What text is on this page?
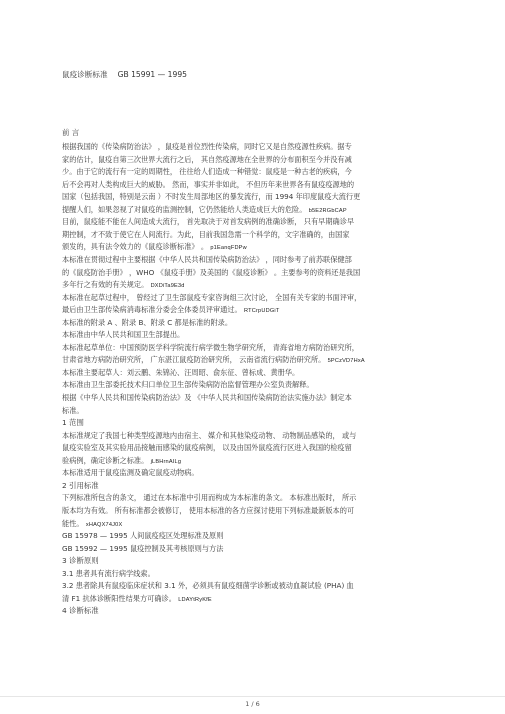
鼠疫诊断标准　 GB 15991 — 1995
前 言
根据我国的《传染病防治法》 ，鼠疫是首位烈性传染病，同时它又是自然疫源性疾病。据专
家的估计，鼠疫自第三次世界大流行之后， 其自然疫源地在全世界的分布面积至今并没有减
少。由于它的流行有一定的周期性， 往往给人们造成一种错觉：鼠疫是一种古老的疾病，今
后不会再对人类构成巨大的威胁。 然而，事实并非如此， 不但历年来世界各有鼠疫疫源地的
国家（包括我国，特别是云南 ）不时发生局部地区的暴发流行，而 1994 年印度鼠疫大流行更
提醒人们，如果忽视了对鼠疫的监测控制，它仍然能给人类造成巨大的危险。 b5E2RGbCAP
目前，鼠疫能不能在人间造成大流行， 首先取决于对首发病例的准确诊断， 只有早期确诊早
期控制，才不致于使它在人间流行。为此，目前我国急需一个科学的，文字准确的，由国家
颁发的，具有法令效力的《鼠疫诊断标准》 。 p1EanqFDPw
本标准在贯彻过程中主要根据《中华人民共和国传染病防治法》 ，同时参考了前苏联保健部
的《鼠疫防治手册》 ，WHO 《鼠疫手册》及美国的《鼠疫诊断》 。主要参考的资料还是我国
多年行之有效的有关规定。 DXDiTa9E3d
本标准在起草过程中， 曾经过了卫生部鼠疫专家咨询组三次讨论， 全国有关专家的书面评审，
最后由卫生部传染病消毒标准分委会全体委员评审通过。 RTCrpUDGiT
本标准的附录 A 、附录 B、附录 C 都是标准的附录。
本标准由中华人民共和国卫生部提出。
本标准起草单位：中国预防医学科学院流行病学微生物学研究所， 青海省地方病防治研究所，
甘肃省地方病防治研究所， 广东湛江鼠疫防治研究所， 云南省流行病防治研究所。 5PCzVD7HxA
本标准主要起草人：刘云鹏、朱锦沁、汪周昭、俞东征、曾标成、黄册华。
本标准由卫生部委托技术归口单位卫生部传染病防治监督管理办公室负责解释。
根据《中华人民共和国传染病防治法》及 《中华人民共和国传染病防治法实施办法》制定本
标准。
1 范围
本标准规定了我国七种类型疫源地内由宿主、 媒介和其他染疫动物、 动物制品感染的， 或与
鼠疫实验室及其实验用品接触而感染的鼠疫病例， 以及由国外鼠疫流行区进入我国的检疫留
验病例，确定诊断之标准。 jLBHrnAILg
本标准适用于鼠疫监测及确定鼠疫动物病。
2 引用标准
下列标准所包含的条文， 通过在本标准中引用而构成为本标准的条文。 本标准出版时， 所示
版本均为有效。 所有标准都会被修订， 使用本标准的各方应探讨使用下列标准最新版本的可
能性。 xHAQX74J0X
GB 15978 — 1995 人间鼠疫疫区处理标准及原则
GB 15992 — 1995 鼠疫控制及其考核原则与方法
3 诊断原则
3.1 患者具有流行病学线索。
3.2 患者除具有鼠疫临床症状和 3.1 外，必须具有鼠疫细菌学诊断或被动血凝试验 (PHA) 血
清 F1 抗体诊断阳性结果方可确诊。 LDAYtRyKfE
4 诊断标准
1 / 6
